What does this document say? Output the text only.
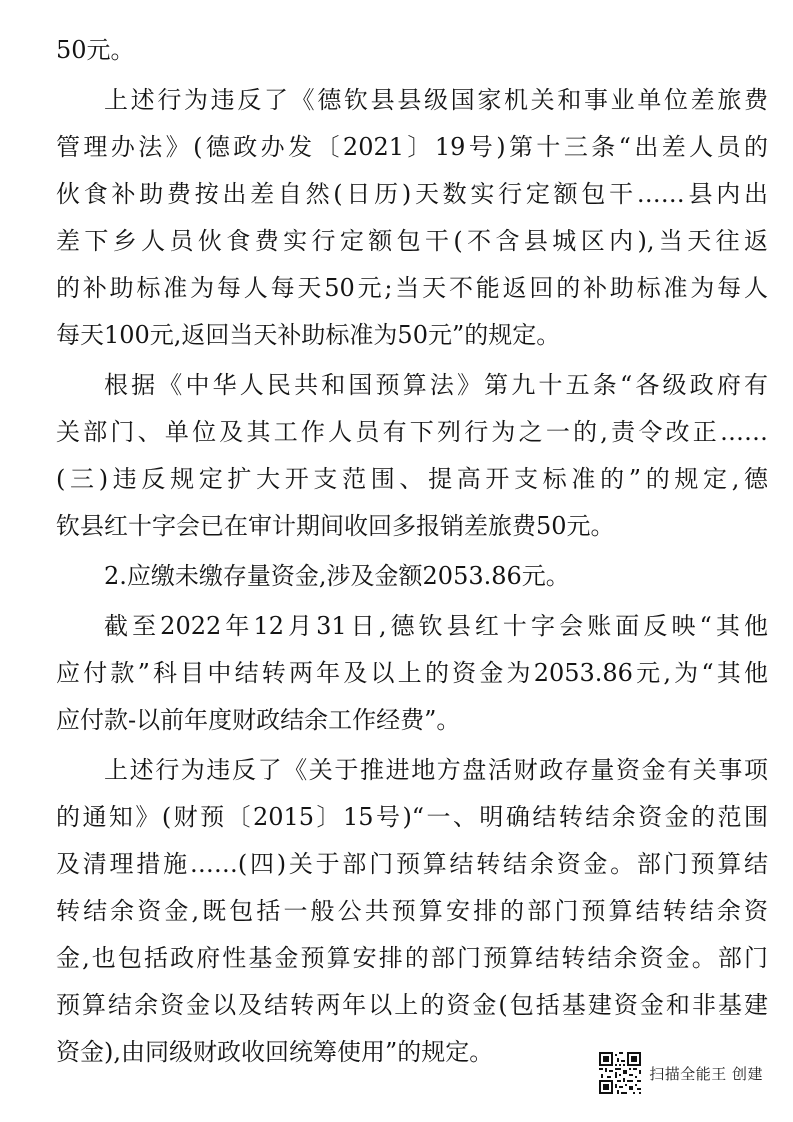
50元。
上述行为违反了《德钦县县级国家机关和事业单位差旅费
管理办法》(德政办发〔2021〕19号)第十三条“出差人员的
伙食补助费按出差自然(日历)天数实行定额包干……县内出
差下乡人员伙食费实行定额包干(不含县城区内),当天往返
的补助标准为每人每天50元;当天不能返回的补助标准为每人
每天100元,返回当天补助标准为50元”的规定。
根据《中华人民共和国预算法》第九十五条“各级政府有
关部门、单位及其工作人员有下列行为之一的,责令改正……
(三)违反规定扩大开支范围、提高开支标准的”的规定,德
钦县红十字会已在审计期间收回多报销差旅费50元。
2.应缴未缴存量资金,涉及金额2053.86元。
截至2022年12月31日,德钦县红十字会账面反映“其他
应付款”科目中结转两年及以上的资金为2053.86元,为“其他
应付款-以前年度财政结余工作经费”。
上述行为违反了《关于推进地方盘活财政存量资金有关事项
的通知》(财预〔2015〕15号)“一、明确结转结余资金的范围
及清理措施……(四)关于部门预算结转结余资金。部门预算结
转结余资金,既包括一般公共预算安排的部门预算结转结余资
金,也包括政府性基金预算安排的部门预算结转结余资金。部门
预算结余资金以及结转两年以上的资金(包括基建资金和非基建
资金),由同级财政收回统筹使用”的规定。
扫描全能王 创建
